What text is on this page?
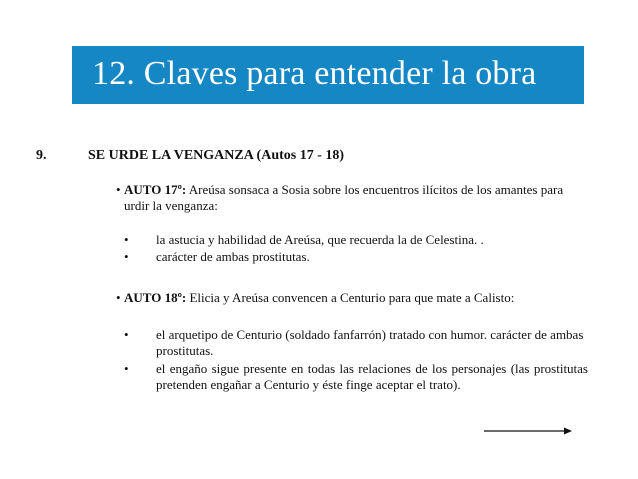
12. Claves para entender la obra
9.	SE URDE LA VENGANZA (Autos 17 - 18)
• AUTO 17º: Areúsa sonsaca a Sosia sobre los encuentros ilícitos de los amantes para urdir la venganza:
• la astucia y habilidad de Areúsa, que recuerda la de Celestina. .
• carácter de ambas prostitutas.
• AUTO 18º: Elicia y Areúsa convencen a Centurio para que mate a Calisto:
• el arquetipo de Centurio (soldado fanfarrón) tratado con humor. carácter de ambas prostitutas.
• el engaño sigue presente en todas las relaciones de los personajes (las prostitutas pretenden engañar a Centurio y éste finge aceptar el trato).
